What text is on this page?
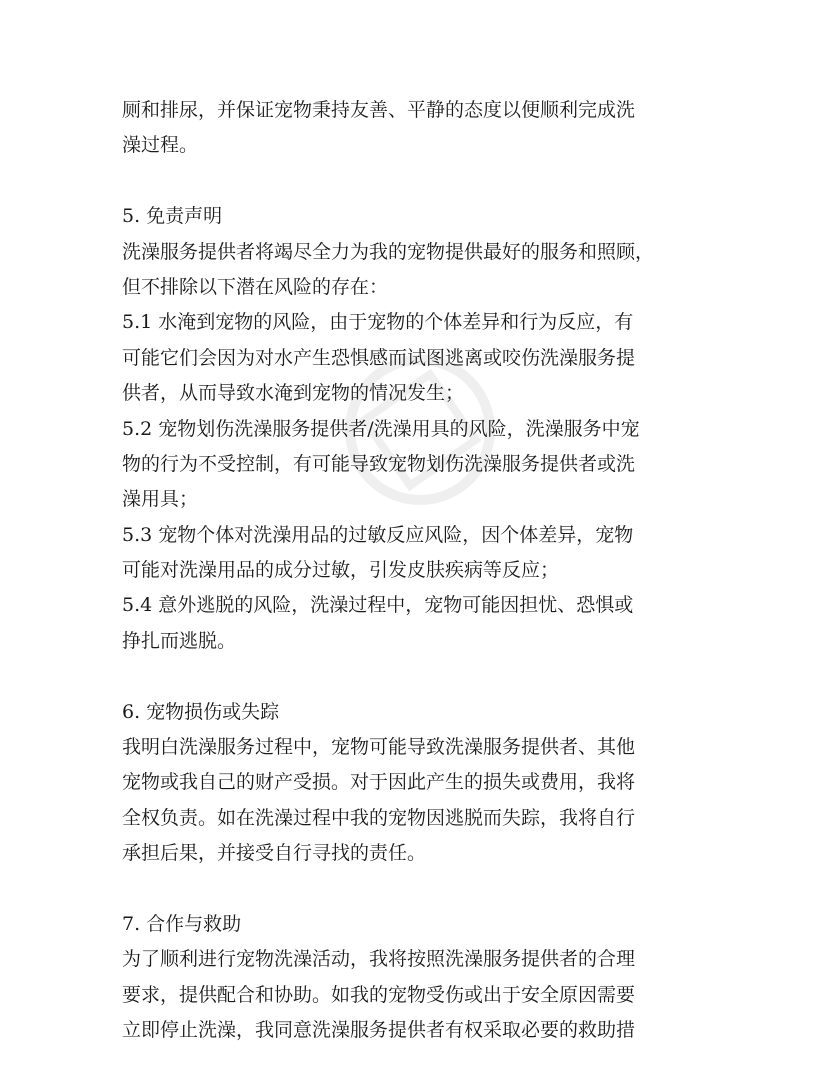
厕和排尿，并保证宠物秉持友善、平静的态度以便顺利完成洗
澡过程。
5. 免责声明
洗澡服务提供者将竭尽全力为我的宠物提供最好的服务和照顾，
但不排除以下潜在风险的存在：
5.1 水淹到宠物的风险，由于宠物的个体差异和行为反应，有
可能它们会因为对水产生恐惧感而试图逃离或咬伤洗澡服务提
供者，从而导致水淹到宠物的情况发生；
5.2 宠物划伤洗澡服务提供者/洗澡用具的风险，洗澡服务中宠
物的行为不受控制，有可能导致宠物划伤洗澡服务提供者或洗
澡用具；
5.3 宠物个体对洗澡用品的过敏反应风险，因个体差异，宠物
可能对洗澡用品的成分过敏，引发皮肤疾病等反应；
5.4 意外逃脱的风险，洗澡过程中，宠物可能因担忧、恐惧或
挣扎而逃脱。
6. 宠物损伤或失踪
我明白洗澡服务过程中，宠物可能导致洗澡服务提供者、其他
宠物或我自己的财产受损。对于因此产生的损失或费用，我将
全权负责。如在洗澡过程中我的宠物因逃脱而失踪，我将自行
承担后果，并接受自行寻找的责任。
7. 合作与救助
为了顺利进行宠物洗澡活动，我将按照洗澡服务提供者的合理
要求，提供配合和协助。如我的宠物受伤或出于安全原因需要
立即停止洗澡，我同意洗澡服务提供者有权采取必要的救助措
